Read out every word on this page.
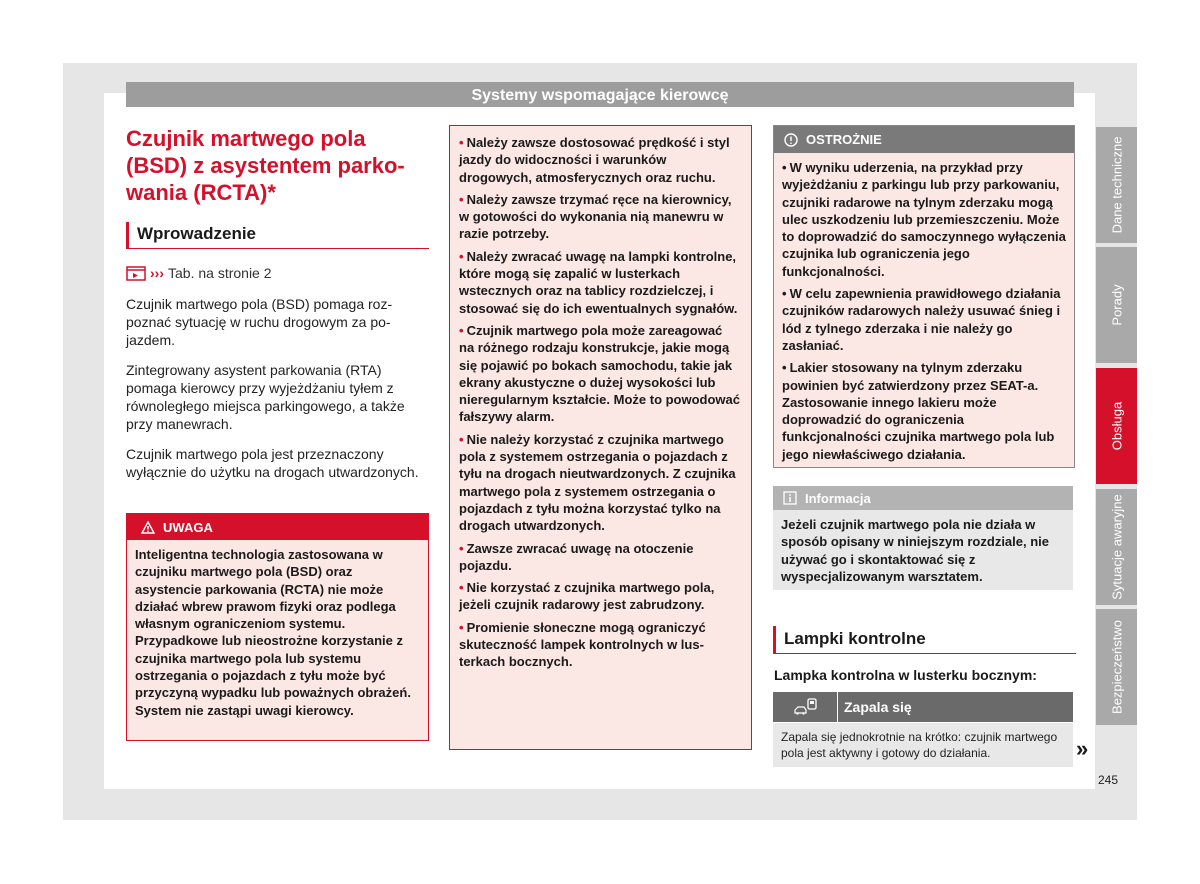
Systemy wspomagające kierowcę
Czujnik martwego pola (BSD) z asystentem parkowania (RCTA)*
Wprowadzenie
››› Tab. na stronie 2

Czujnik martwego pola (BSD) pomaga rozpoznać sytuację w ruchu drogowym za pojazdem.

Zintegrowany asystent parkowania (RTA) pomaga kierowcy przy wyjeżdżaniu tyłem z równoległego miejsca parkingowego, a także przy manewrach.

Czujnik martwego pola jest przeznaczony wyłącznie do użytku na drogach utwardzonych.

UWAGA
Inteligentna technologia zastosowana w czujniku martwego pola (BSD) oraz asystencie parkowania (RCTA) nie może działać wbrew prawom fizyki oraz podlega własnym ograniczeniom systemu. Przypadkowe lub nieostrożne korzystanie z czujnika martwego pola lub systemu ostrzegania o pojazdach z tyłu może być przyczyną wypadku lub poważnych obrażeń. System nie zastąpi uwagi kierowcy.
• Należy zawsze dostosować prędkość i styl jazdy do widoczności i warunków drogowych, atmosferycznych oraz ruchu.
• Należy zawsze trzymać ręce na kierownicy, w gotowości do wykonania nią manewru w razie potrzeby.
• Należy zwracać uwagę na lampki kontrolne, które mogą się zapalić w lusterkach wstecznych oraz na tablicy rozdzielczej, i stosować się do ich ewentualnych sygnałów.
• Czujnik martwego pola może zareagować na różnego rodzaju konstrukcje, jakie mogą się pojawić po bokach samochodu, takie jak ekrany akustyczne o dużej wysokości lub nieregularnym kształcie. Może to powodować fałszywy alarm.
• Nie należy korzystać z czujnika martwego pola z systemem ostrzegania o pojazdach z tyłu na drogach nieutwardzonych. Z czujnika martwego pola z systemem ostrzegania o pojazdach z tyłu można korzystać tylko na drogach utwardzonych.
• Zawsze zwracać uwagę na otoczenie pojazdu.
• Nie korzystać z czujnika martwego pola, jeżeli czujnik radarowy jest zabrudzony.
• Promienie słoneczne mogą ograniczyć skuteczność lampek kontrolnych w lusterkach bocznych.
OSTROŻNIE
• W wyniku uderzenia, na przykład przy wyjeżdżaniu z parkingu lub przy parkowaniu, czujniki radarowe na tylnym zderzaku mogą ulec uszkodzeniu lub przemieszczeniu. Może to doprowadzić do samoczynnego wyłączenia czujnika lub ograniczenia jego funkcjonalności.
• W celu zapewnienia prawidłowego działania czujników radarowych należy usuwać śnieg i lód z tylnego zderzaka i nie należy go zasłaniać.
• Lakier stosowany na tylnym zderzaku powinien być zatwierdzony przez SEAT-a. Zastosowanie innego lakieru może doprowadzić do ograniczenia funkcjonalności czujnika martwego pola lub jego niewłaściwego działania.
Informacja
Jeżeli czujnik martwego pola nie działa w sposób opisany w niniejszym rozdziale, nie używać go i skontaktować się z wyspecjalizowanym warsztatem.
Lampki kontrolne
Lampka kontrolna w lusterku bocznym:
Zapala się
Zapala się jednokrotnie na krótko: czujnik martwego pola jest aktywny i gotowy do działania.	»
245
Dane techniczne
Porady
Obsługa
Sytuacje awaryjne
Bezpieczeństwo
